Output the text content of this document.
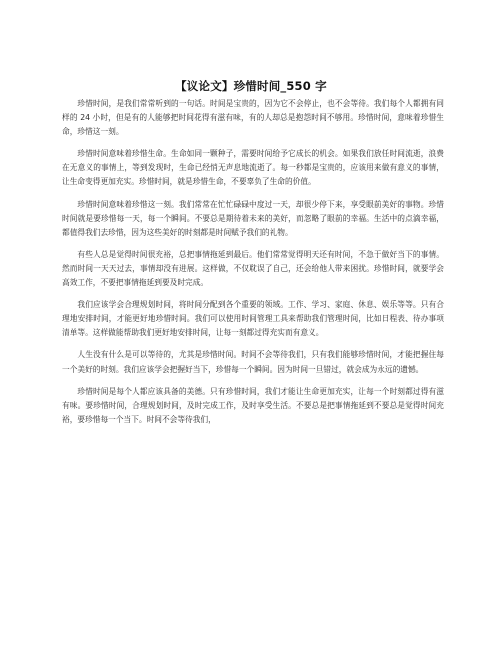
【议论文】珍惜时间_550 字

珍惜时间，是我们常常听到的一句话。时间是宝贵的，因为它不会停止，也不会等待。我们每个人都拥有同样的 24 小时，但是有的人能够把时间花得有滋有味，有的人却总是抱怨时间不够用。珍惜时间，意味着珍惜生命，珍惜这一刻。

珍惜时间意味着珍惜生命。生命如同一颗种子，需要时间给予它成长的机会。如果我们放任时间流逝，浪费在无意义的事情上，等到发现时，生命已经悄无声息地流逝了。每一秒都是宝贵的，应该用来做有意义的事情，让生命变得更加充实。珍惜时间，就是珍惜生命，不要辜负了生命的价值。

珍惜时间意味着珍惜这一刻。我们常常在忙忙碌碌中度过一天，却很少停下来，享受眼前美好的事物。珍惜时间就是要珍惜每一天，每一个瞬间。不要总是期待着未来的美好，而忽略了眼前的幸福。生活中的点滴幸福，都值得我们去珍惜，因为这些美好的时刻都是时间赋予我们的礼物。

有些人总是觉得时间很充裕，总把事情拖延到最后。他们常常觉得明天还有时间，不急于做好当下的事情。然而时间一天天过去，事情却没有进展。这样做，不仅耽误了自己，还会给他人带来困扰。珍惜时间，就要学会高效工作，不要把事情拖延到要及时完成。

我们应该学会合理规划时间，将时间分配到各个重要的领域。工作、学习、家庭、休息、娱乐等等。只有合理地安排时间，才能更好地珍惜时间。我们可以使用时间管理工具来帮助我们管理时间，比如日程表、待办事项清单等。这样做能帮助我们更好地安排时间，让每一刻都过得充实而有意义。

人生没有什么是可以等待的，尤其是珍惜时间。时间不会等待我们，只有我们能够珍惜时间，才能把握住每一个美好的时刻。我们应该学会把握好当下，珍惜每一个瞬间。因为时间一旦错过，就会成为永远的遗憾。

珍惜时间是每个人都应该具备的美德。只有珍惜时间，我们才能让生命更加充实，让每一个时刻都过得有滋有味。要珍惜时间，合理规划时间，及时完成工作，及时享受生活。不要总是把事情拖延到不要总是觉得时间充裕，要珍惜每一个当下。时间不会等待我们，
